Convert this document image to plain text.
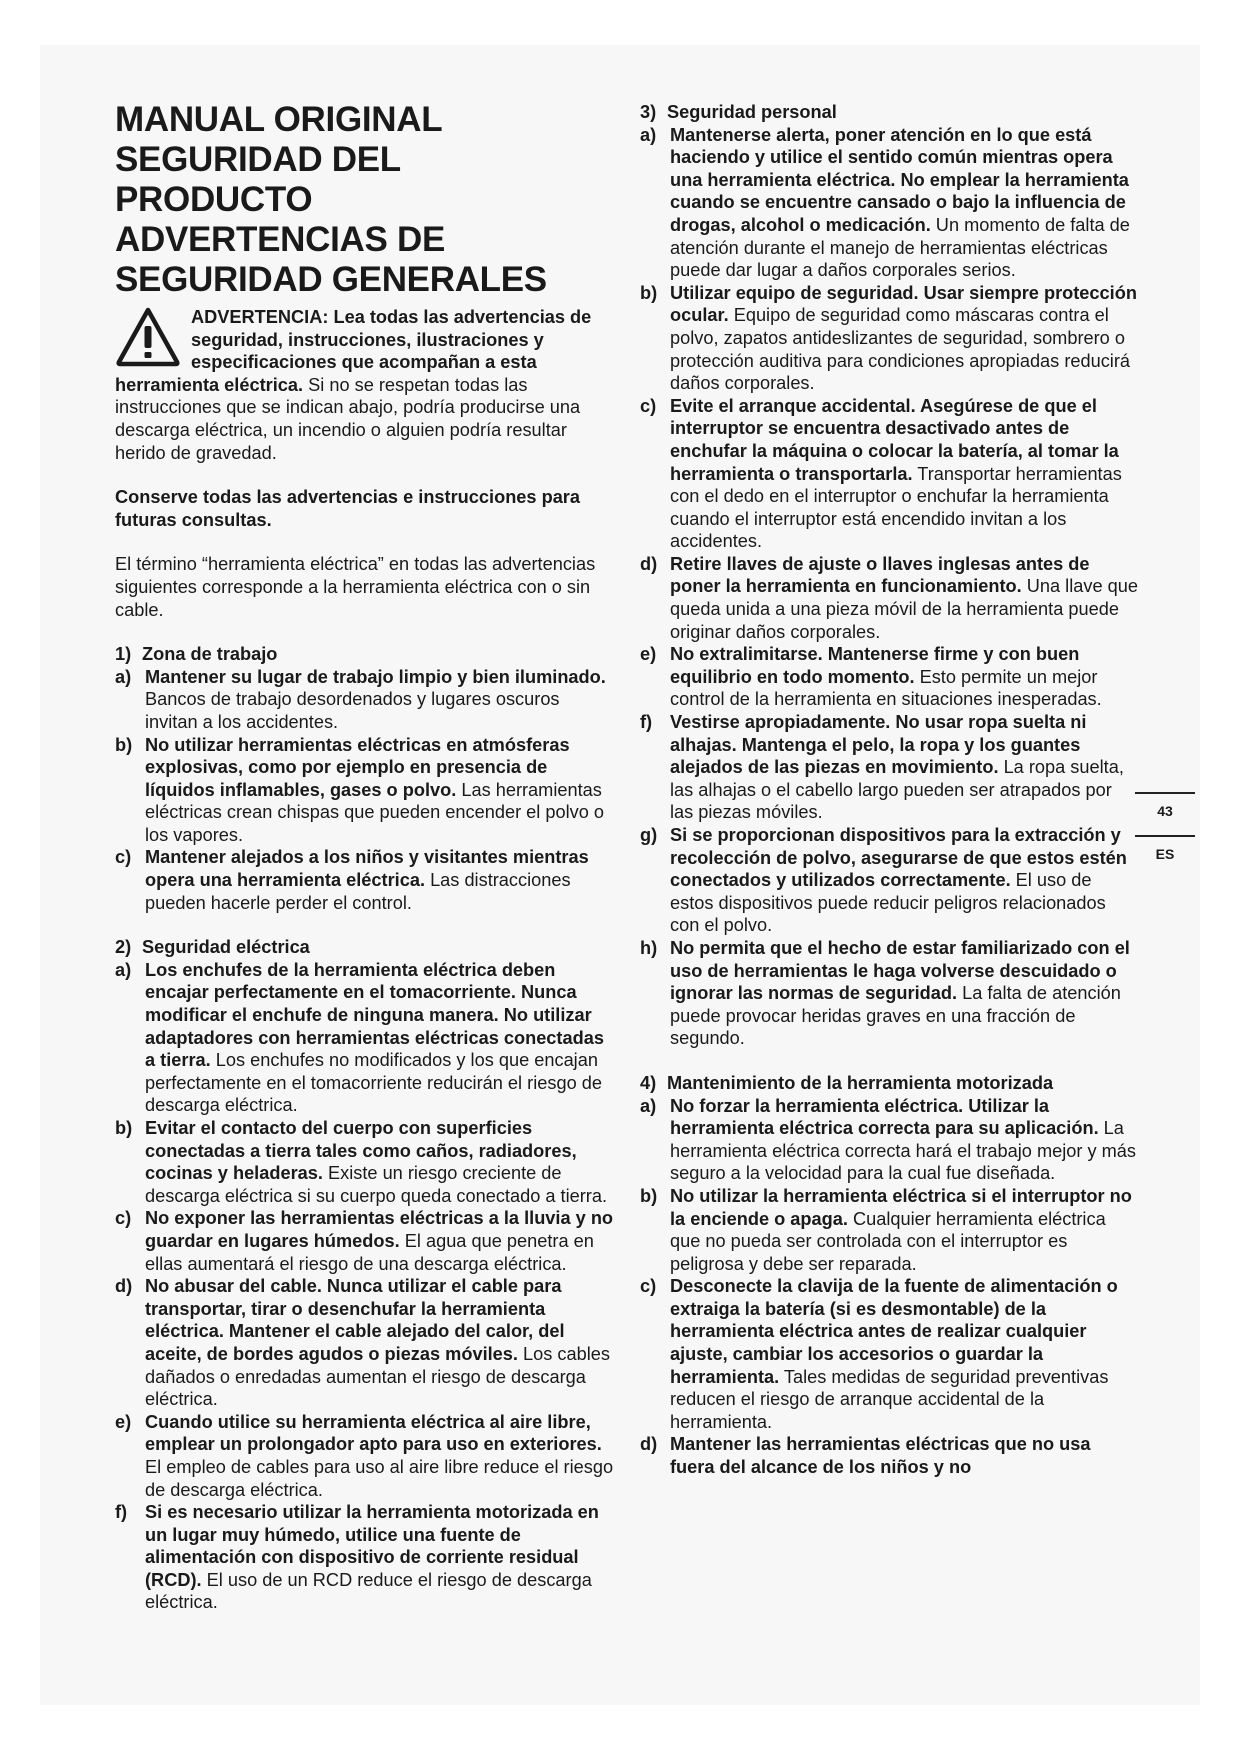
MANUAL ORIGINAL
SEGURIDAD DEL
PRODUCTO
ADVERTENCIAS DE
SEGURIDAD GENERALES

ADVERTENCIA: Lea todas las advertencias de seguridad, instrucciones, ilustraciones y especificaciones que acompañan a esta herramienta eléctrica. Si no se respetan todas las instrucciones que se indican abajo, podría producirse una descarga eléctrica, un incendio o alguien podría resultar herido de gravedad.

Conserve todas las advertencias e instrucciones para futuras consultas.

El término “herramienta eléctrica” en todas las advertencias siguientes corresponde a la herramienta eléctrica con o sin cable.

1) Zona de trabajo

a) Mantener su lugar de trabajo limpio y bien iluminado. Bancos de trabajo desordenados y lugares oscuros invitan a los accidentes.
b) No utilizar herramientas eléctricas en atmósferas explosivas, como por ejemplo en presencia de líquidos inflamables, gases o polvo. Las herramientas eléctricas crean chispas que pueden encender el polvo o los vapores.
c) Mantener alejados a los niños y visitantes mientras opera una herramienta eléctrica. Las distracciones pueden hacerle perder el control.

2) Seguridad eléctrica

a) Los enchufes de la herramienta eléctrica deben encajar perfectamente en el tomacorriente. Nunca modificar el enchufe de ninguna manera. No utilizar adaptadores con herramientas eléctricas conectadas a tierra. Los enchufes no modificados y los que encajan perfectamente en el tomacorriente reducirán el riesgo de descarga eléctrica.
b) Evitar el contacto del cuerpo con superficies conectadas a tierra tales como caños, radiadores, cocinas y heladeras. Existe un riesgo creciente de descarga eléctrica si su cuerpo queda conectado a tierra.
c) No exponer las herramientas eléctricas a la lluvia y no guardar en lugares húmedos. El agua que penetra en ellas aumentará el riesgo de una descarga eléctrica.
d) No abusar del cable. Nunca utilizar el cable para transportar, tirar o desenchufar la herramienta eléctrica. Mantener el cable alejado del calor, del aceite, de bordes agudos o piezas móviles. Los cables dañados o enredadas aumentan el riesgo de descarga eléctrica.
e) Cuando utilice su herramienta eléctrica al aire libre, emplear un prolongador apto para uso en exteriores. El empleo de cables para uso al aire libre reduce el riesgo de descarga eléctrica.
f) Si es necesario utilizar la herramienta motorizada en un lugar muy húmedo, utilice una fuente de alimentación con dispositivo de corriente residual (RCD). El uso de un RCD reduce el riesgo de descarga eléctrica.

3) Seguridad personal

a) Mantenerse alerta, poner atención en lo que está haciendo y utilice el sentido común mientras opera una herramienta eléctrica. No emplear la herramienta cuando se encuentre cansado o bajo la influencia de drogas, alcohol o medicación. Un momento de falta de atención durante el manejo de herramientas eléctricas puede dar lugar a daños corporales serios.
b) Utilizar equipo de seguridad. Usar siempre protección ocular. Equipo de seguridad como máscaras contra el polvo, zapatos antideslizantes de seguridad, sombrero o protección auditiva para condiciones apropiadas reducirá daños corporales.
c) Evite el arranque accidental. Asegúrese de que el interruptor se encuentra desactivado antes de enchufar la máquina o colocar la batería, al tomar la herramienta o transportarla. Transportar herramientas con el dedo en el interruptor o enchufar la herramienta cuando el interruptor está encendido invitan a los accidentes.
d) Retire llaves de ajuste o llaves inglesas antes de poner la herramienta en funcionamiento. Una llave que queda unida a una pieza móvil de la herramienta puede originar daños corporales.
e) No extralimitarse. Mantenerse firme y con buen equilibrio en todo momento. Esto permite un mejor control de la herramienta en situaciones inesperadas.
f) Vestirse apropiadamente. No usar ropa suelta ni alhajas. Mantenga el pelo, la ropa y los guantes alejados de las piezas en movimiento. La ropa suelta, las alhajas o el cabello largo pueden ser atrapados por las piezas móviles.
g) Si se proporcionan dispositivos para la extracción y recolección de polvo, asegurarse de que estos estén conectados y utilizados correctamente. El uso de estos dispositivos puede reducir peligros relacionados con el polvo.
h) No permita que el hecho de estar familiarizado con el uso de herramientas le haga volverse descuidado o ignorar las normas de seguridad. La falta de atención puede provocar heridas graves en una fracción de segundo.

4) Mantenimiento de la herramienta motorizada

a) No forzar la herramienta eléctrica. Utilizar la herramienta eléctrica correcta para su aplicación. La herramienta eléctrica correcta hará el trabajo mejor y más seguro a la velocidad para la cual fue diseñada.
b) No utilizar la herramienta eléctrica si el interruptor no la enciende o apaga. Cualquier herramienta eléctrica que no pueda ser controlada con el interruptor es peligrosa y debe ser reparada.
c) Desconecte la clavija de la fuente de alimentación o extraiga la batería (si es desmontable) de la herramienta eléctrica antes de realizar cualquier ajuste, cambiar los accesorios o guardar la herramienta. Tales medidas de seguridad preventivas reducen el riesgo de arranque accidental de la herramienta.
d) Mantener las herramientas eléctricas que no usa fuera del alcance de los niños y no
43
ES
